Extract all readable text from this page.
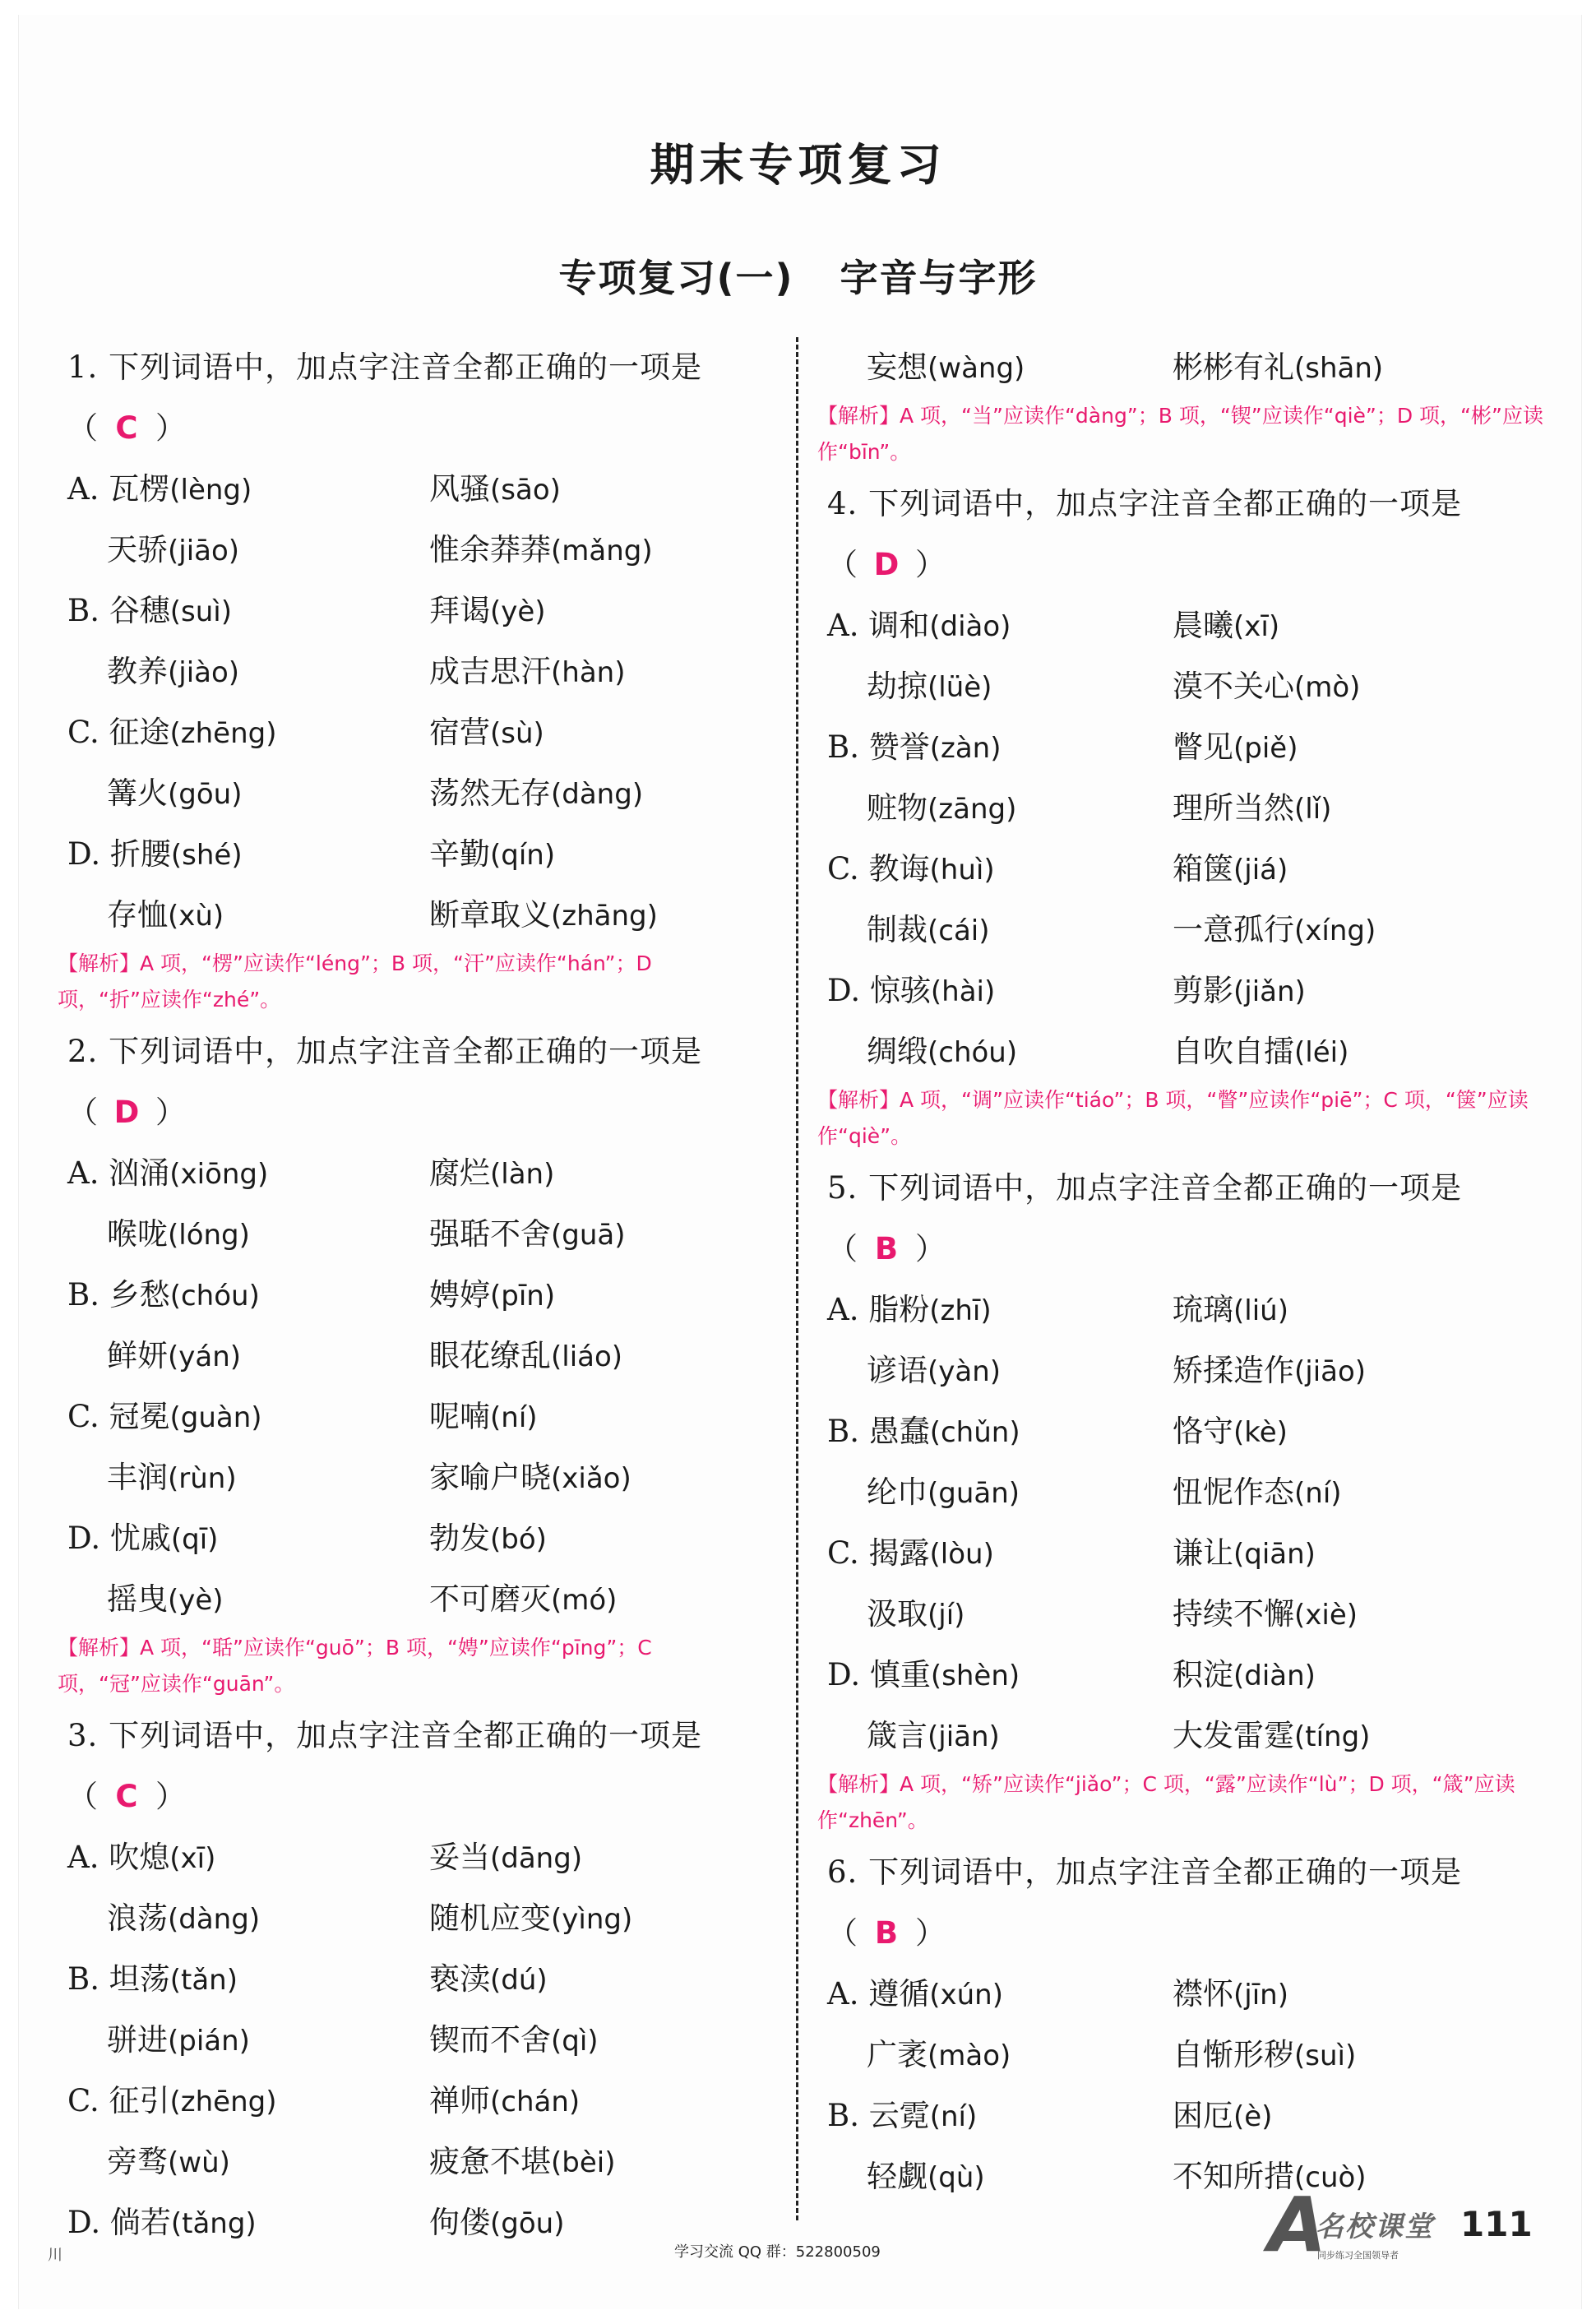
期末专项复习
专项复习(一) 字音与字形
1. 下列词语中，加点字注音全都正确的一项是
（ C ）
A. 瓦楞(lèng)	风骚(sāo)
天骄(jiāo)	惟余莽莽(mǎng)
B. 谷穗(suì)	拜谒(yè)
教养(jiào)	成吉思汗(hàn)
C. 征途(zhēng)	宿营(sù)
篝火(gōu)	荡然无存(dàng)
D. 折腰(shé)	辛勤(qín)
存恤(xù)	断章取义(zhāng)
【解析】A 项，“楞”应读作“léng”；B 项，“汗”应读作“hán”；D 项，“折”应读作“zhé”。
2. 下列词语中，加点字注音全都正确的一项是
（ D ）
A. 汹涌(xiōng)	腐烂(làn)
喉咙(lóng)	强聒不舍(guā)
B. 乡愁(chóu)	娉婷(pīn)
鲜妍(yán)	眼花缭乱(liáo)
C. 冠冕(guàn)	呢喃(ní)
丰润(rùn)	家喻户晓(xiǎo)
D. 忧戚(qī)	勃发(bó)
摇曳(yè)	不可磨灭(mó)
【解析】A 项，“聒”应读作“guō”；B 项，“娉”应读作“pīng”；C 项，“冠”应读作“guān”。
3. 下列词语中，加点字注音全都正确的一项是
（ C ）
A. 吹熄(xī)	妥当(dāng)
浪荡(dàng)	随机应变(yìng)
B. 坦荡(tǎn)	亵渎(dú)
骈进(pián)	锲而不舍(qì)
C. 征引(zhēng)	禅师(chán)
旁骛(wù)	疲惫不堪(bèi)
D. 倘若(tǎng)	佝偻(gōu)
妄想(wàng)	彬彬有礼(shān)
【解析】A 项，“当”应读作“dàng”；B 项，“锲”应读作“qiè”；D 项，“彬”应读作“bīn”。
4. 下列词语中，加点字注音全都正确的一项是
（ D ）
A. 调和(diào)	晨曦(xī)
劫掠(lüè)	漠不关心(mò)
B. 赞誉(zàn)	瞥见(piě)
赃物(zāng)	理所当然(lǐ)
C. 教诲(huì)	箱箧(jiá)
制裁(cái)	一意孤行(xíng)
D. 惊骇(hài)	剪影(jiǎn)
绸缎(chóu)	自吹自擂(léi)
【解析】A 项，“调”应读作“tiáo”；B 项，“瞥”应读作“piē”；C 项，“箧”应读作“qiè”。
5. 下列词语中，加点字注音全都正确的一项是
（ B ）
A. 脂粉(zhī)	琉璃(liú)
谚语(yàn)	矫揉造作(jiāo)
B. 愚蠢(chǔn)	恪守(kè)
纶巾(guān)	忸怩作态(ní)
C. 揭露(lòu)	谦让(qiān)
汲取(jí)	持续不懈(xiè)
D. 慎重(shèn)	积淀(diàn)
箴言(jiān)	大发雷霆(tíng)
【解析】A 项，“矫”应读作“jiǎo”；C 项，“露”应读作“lù”；D 项，“箴”应读作“zhēn”。
6. 下列词语中，加点字注音全都正确的一项是
（ B ）
A. 遵循(xún)	襟怀(jīn)
广袤(mào)	自惭形秽(suì)
B. 云霓(ní)	困厄(è)
轻觑(qù)	不知所措(cuò)
川	学习交流 QQ 群：522800509	A
名校课堂
同步练习全国领导者
111
